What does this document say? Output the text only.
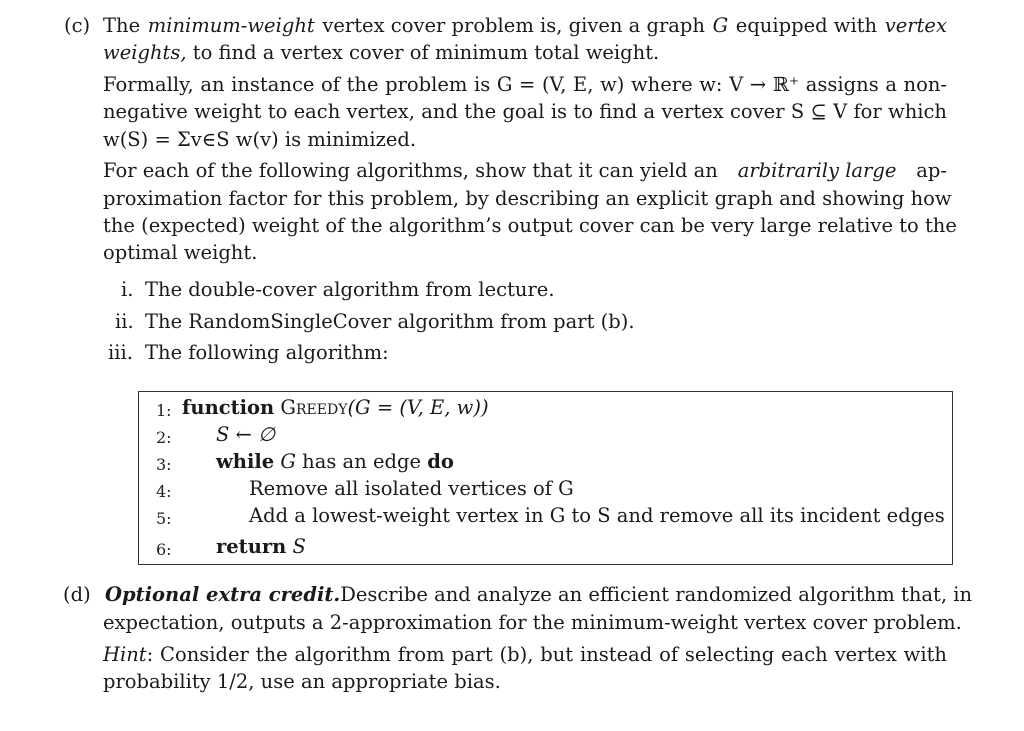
(c) The minimum-weight vertex cover problem is, given a graph G equipped with vertex
weights, to find a vertex cover of minimum total weight.
Formally, an instance of the problem is G = (V, E, w) where w: V → ℝ⁺ assigns a non-
negative weight to each vertex, and the goal is to find a vertex cover S ⊆ V for which
w(S) = Σv∈S w(v) is minimized.
For each of the following algorithms, show that it can yield an arbitrarily large ap-
proximation factor for this problem, by describing an explicit graph and showing how
the (expected) weight of the algorithm’s output cover can be very large relative to the
optimal weight.
i. The double-cover algorithm from lecture.
ii. The RandomSingleCover algorithm from part (b).
iii. The following algorithm:
1:
2:
3:
4:
5:
6:
function Greedy(G = (V, E, w))
S ← ∅
while G has an edge do
Remove all isolated vertices of G
Add a lowest-weight vertex in G to S and remove all its incident edges
return S
(d) Optional extra credit. Describe and analyze an efficient randomized algorithm that, in
expectation, outputs a 2-approximation for the minimum-weight vertex cover problem.
Hint : Consider the algorithm from part (b), but instead of selecting each vertex with
probability 1/2, use an appropriate bias.
